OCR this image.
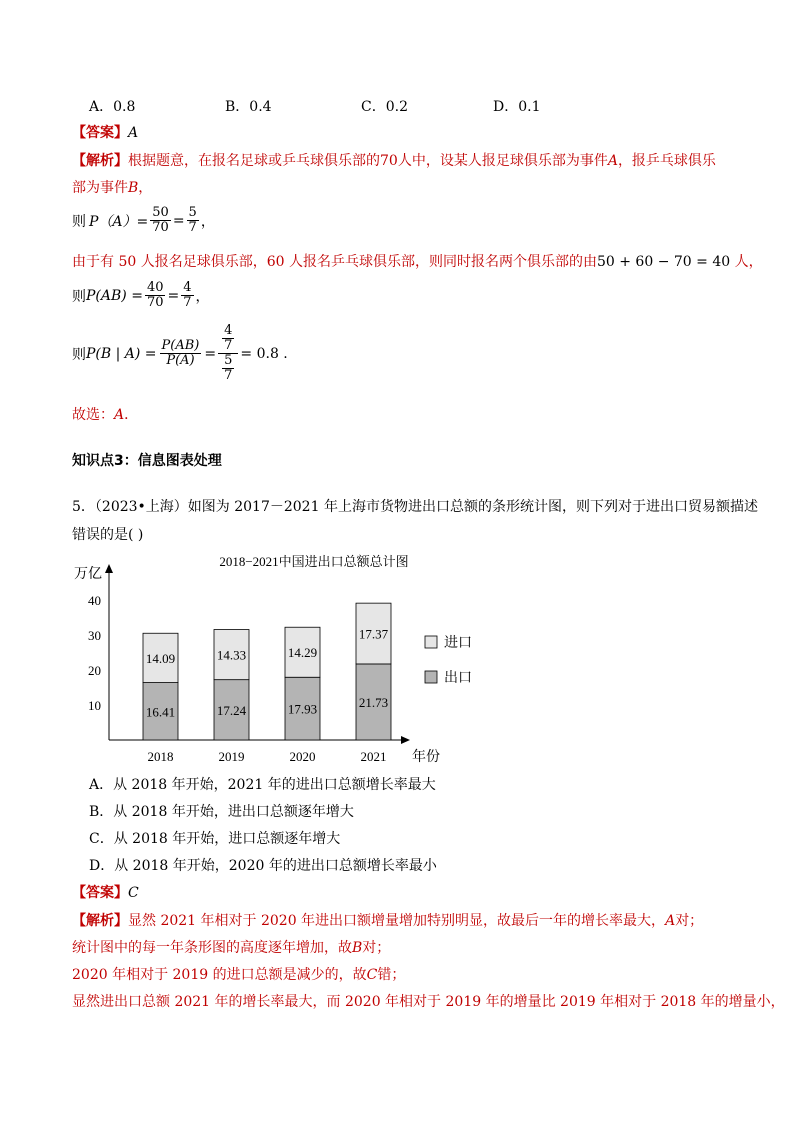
A．0.8	B．0.4	C．0.2	D．0.1
【答案】A
【解析】根据题意，在报名足球或乒乓球俱乐部的70人中，设某人报足球俱乐部为事件A，报乒乓球俱乐
部为事件B，
则 $P(A)= \frac{50}{70} = \frac{5}{7}$ ，
由于有 50 人报名足球俱乐部，60 人报名乒乓球俱乐部，则同时报名两个俱乐部的由50 + 60 − 70 = 40 人，
则 $P(AB) = \frac{40}{70} = \frac{4}{7}$ ，
则 P(B | $A) = \frac{P(AB)}{P(A)} = 4$
7
5
7 = 0.8 .
故选：A．
知识点3：信息图表处理
5．（2023•上海）如图为 2017－2021 年上海市货物进出口总额的条形统计图，则下列对于进出口贸易额描述
错误的是( )
2018−2021中国进出口总额总计图
万亿
年份
10
20
30
40
16.41
14.09
17.24
14.33
17.93
14.29
21.73
17.37
2018	2019	2020	2021
进口
出口
A．从 2018 年开始，2021 年的进出口总额增长率最大
B．从 2018 年开始，进出口总额逐年增大
C．从 2018 年开始，进口总额逐年增大
D．从 2018 年开始，2020 年的进出口总额增长率最小
【答案】C
【解析】显然 2021 年相对于 2020 年进出口额增量增加特别明显，故最后一年的增长率最大，A对；
统计图中的每一年条形图的高度逐年增加，故B对；
2020 年相对于 2019 的进口总额是减少的，故C错；
显然进出口总额 2021 年的增长率最大，而 2020 年相对于 2019 年的增量比 2019 年相对于 2018 年的增量小，
